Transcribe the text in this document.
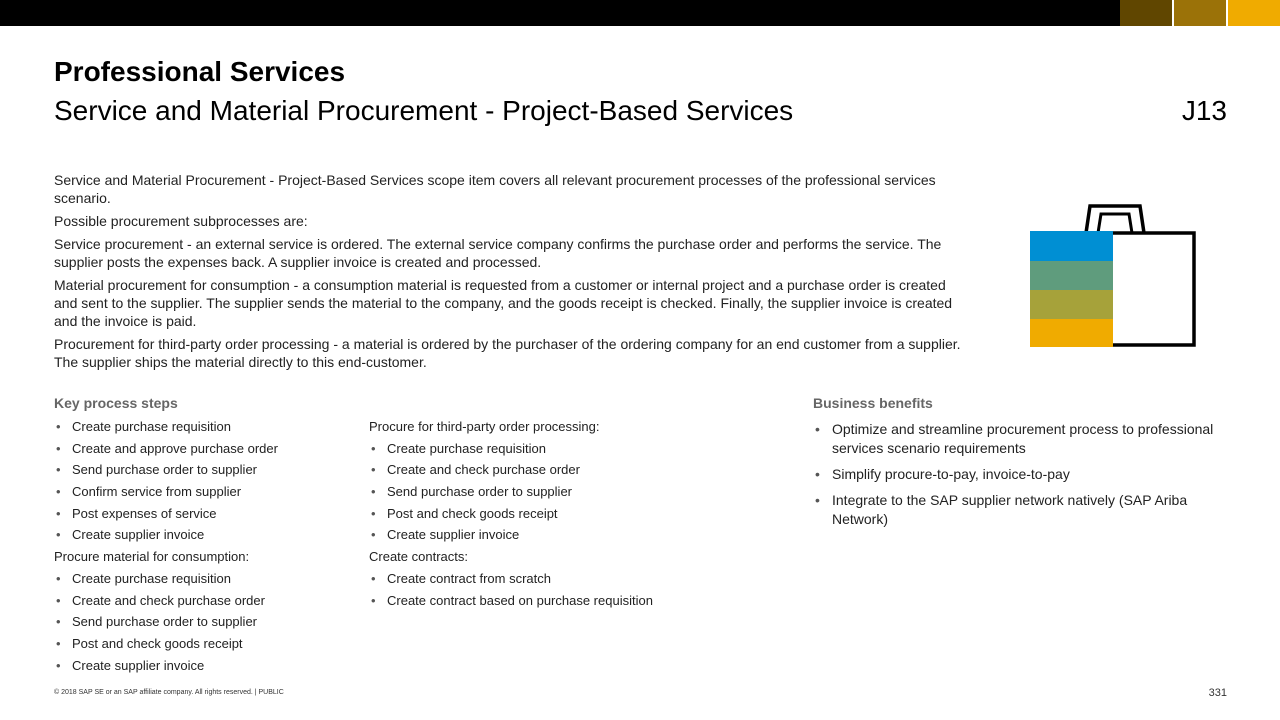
Professional Services
Service and Material Procurement - Project-Based Services	J13

Service and Material Procurement - Project-Based Services scope item covers all relevant procurement processes of the professional services scenario.

Possible procurement subprocesses are:

Service procurement - an external service is ordered. The external service company confirms the purchase order and performs the service. The supplier posts the expenses back. A supplier invoice is created and processed.

Material procurement for consumption - a consumption material is requested from a customer or internal project and a purchase order is created and sent to the supplier. The supplier sends the material to the company, and the goods receipt is checked. Finally, the supplier invoice is created and the invoice is paid.

Procurement for third-party order processing - a material is ordered by the purchaser of the ordering company for an end customer from a supplier. The supplier ships the material directly to this end-customer.

Key process steps
• Create purchase requisition
• Create and approve purchase order
• Send purchase order to supplier
• Confirm service from supplier
• Post expenses of service
• Create supplier invoice
Procure material for consumption:
• Create purchase requisition
• Create and check purchase order
• Send purchase order to supplier
• Post and check goods receipt
• Create supplier invoice
Procure for third-party order processing:
• Create purchase requisition
• Create and check purchase order
• Send purchase order to supplier
• Post and check goods receipt
• Create supplier invoice
Create contracts:
• Create contract from scratch
• Create contract based on purchase requisition
Business benefits
• Optimize and streamline procurement process to professional services scenario requirements
• Simplify procure-to-pay, invoice-to-pay
• Integrate to the SAP supplier network natively (SAP Ariba Network)
© 2018 SAP SE or an SAP affiliate company. All rights reserved. | PUBLIC	331
